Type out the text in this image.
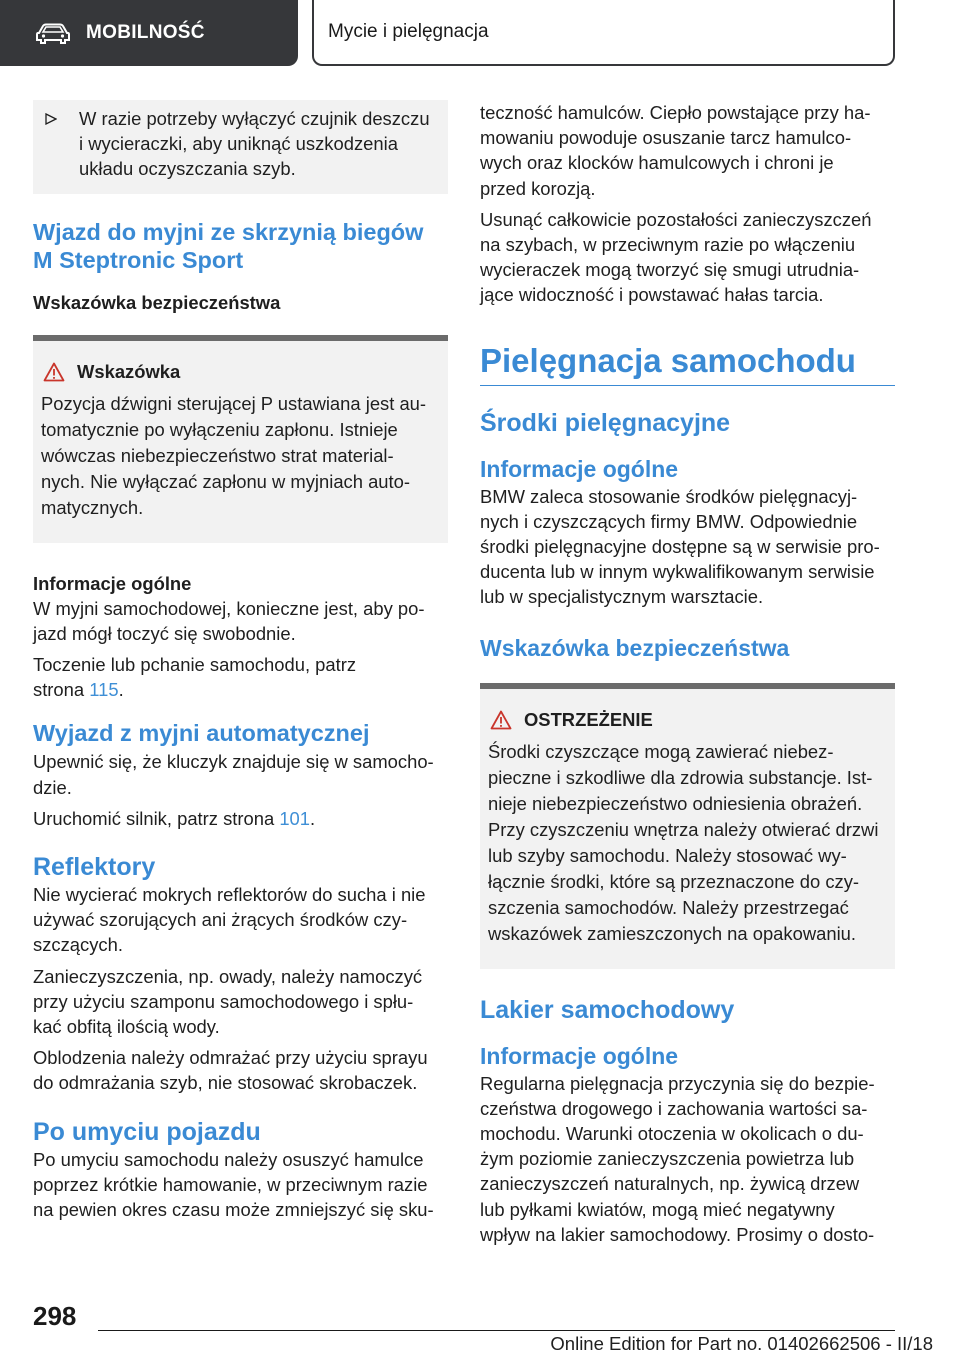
MOBILNOŚĆ	Mycie i pielęgnacja
W razie potrzeby wyłączyć czujnik deszczu i wycieraczki, aby uniknąć uszkodzenia układu oczyszczania szyb.
Wjazd do myjni ze skrzynią biegów
M Steptronic Sport
Wskazówka bezpieczeństwa
Wskazówka
Pozycja dźwigni sterującej P ustawiana jest au-
tomatycznie po wyłączeniu zapłonu. Istnieje
wówczas niebezpieczeństwo strat material-
nych. Nie wyłączać zapłonu w myjniach auto-
matycznych.
Informacje ogólne
W myjni samochodowej, konieczne jest, aby po-
jazd mógł toczyć się swobodnie.
Toczenie lub pchanie samochodu, patrz
strona 115.
Wyjazd z myjni automatycznej
Upewnić się, że kluczyk znajduje się w samocho-
dzie.
Uruchomić silnik, patrz strona 101.
Reflektory
Nie wycierać mokrych reflektorów do sucha i nie
używać szorujących ani żrących środków czy-
szczących.
Zanieczyszczenia, np. owady, należy namoczyć
przy użyciu szamponu samochodowego i spłu-
kać obfitą ilością wody.
Oblodzenia należy odmrażać przy użyciu sprayu
do odmrażania szyb, nie stosować skrobaczek.
Po umyciu pojazdu
Po umyciu samochodu należy osuszyć hamulce
poprzez krótkie hamowanie, w przeciwnym razie
na pewien okres czasu może zmniejszyć się sku-
teczność hamulców. Ciepło powstające przy ha-
mowaniu powoduje osuszanie tarcz hamulco-
wych oraz klocków hamulcowych i chroni je
przed korozją.
Usunąć całkowicie pozostałości zanieczyszczeń
na szybach, w przeciwnym razie po włączeniu
wycieraczek mogą tworzyć się smugi utrudnia-
jące widoczność i powstawać hałas tarcia.
Pielęgnacja samochodu
Środki pielęgnacyjne
Informacje ogólne
BMW zaleca stosowanie środków pielęgnacyj-
nych i czyszczących firmy BMW. Odpowiednie
środki pielęgnacyjne dostępne są w serwisie pro-
ducenta lub w innym wykwalifikowanym serwisie
lub w specjalistycznym warsztacie.
Wskazówka bezpieczeństwa
OSTRZEŻENIE
Środki czyszczące mogą zawierać niebez-
pieczne i szkodliwe dla zdrowia substancje. Ist-
nieje niebezpieczeństwo odniesienia obrażeń.
Przy czyszczeniu wnętrza należy otwierać drzwi
lub szyby samochodu. Należy stosować wy-
łącznie środki, które są przeznaczone do czy-
szczenia samochodów. Należy przestrzegać
wskazówek zamieszczonych na opakowaniu.
Lakier samochodowy
Informacje ogólne
Regularna pielęgnacja przyczynia się do bezpie-
czeństwa drogowego i zachowania wartości sa-
mochodu. Warunki otoczenia w okolicach o du-
żym poziomie zanieczyszczenia powietrza lub
zanieczyszczeń naturalnych, np. żywicą drzew
lub pyłkami kwiatów, mogą mieć negatywny
wpływ na lakier samochodowy. Prosimy o dosto-
298
Online Edition for Part no. 01402662506 - II/18
